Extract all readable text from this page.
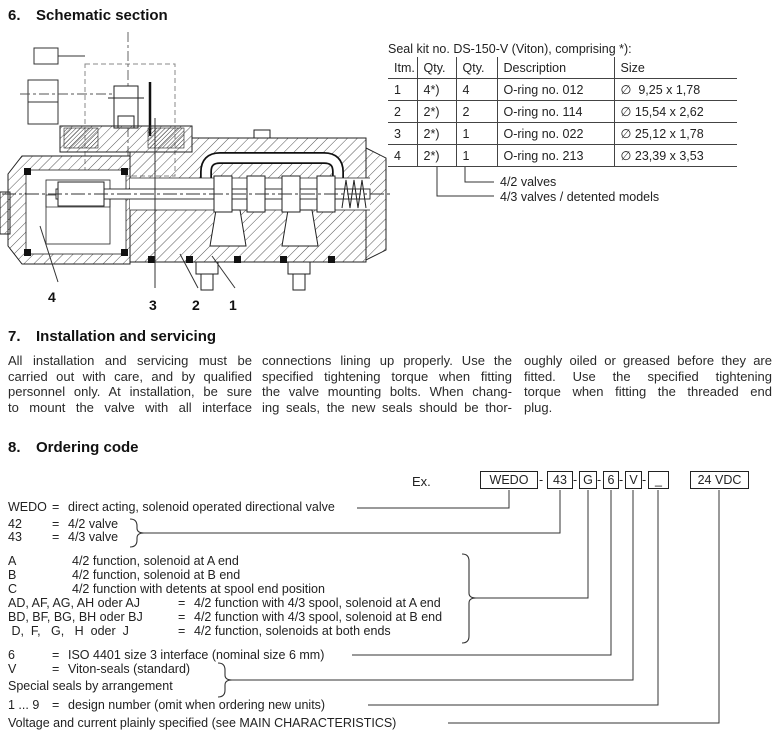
6.	Schematic section
4	3	2 1
Seal kit no. DS-150-V (Viton), comprising *):
Itm.	Qty.	Qty.	Description	Size
1	4*)	4	O-ring no. 012	∅  9,25 x 1,78
2	2*)	2	O-ring no. 114	∅ 15,54 x 2,62
3	2*)	1	O-ring no. 022	∅ 25,12 x 1,78
4	2*)	1	O-ring no. 213	∅ 23,39 x 3,53
4/2 valves
4/3 valves / detented models
7.	Installation and servicing
All installation and servicing must be
carried out with care, and by qualified
personnel only. At installation, be sure
to mount the valve with all interface
connections lining up properly. Use the
specified tightening torque when fitting
the valve mounting bolts. When chang-
ing seals, the new seals should be thor-
oughly oiled or greased before they are
fitted. Use the specified tightening
torque when fitting the threaded end
plug.
8.	Ordering code
Ex.	WEDO - 43 - G - 6 - V - _	24 VDC
WEDO = direct acting, solenoid operated directional valve
42	= 4/2 valve
43	= 4/3 valve
A	4/2 function, solenoid at A end
B	4/2 function, solenoid at B end
C	4/2 function with detents at spool end position
AD, AF, AG, AH oder AJ	= 4/2 function with 4/3 spool, solenoid at A end
BD, BF, BG, BH oder BJ	= 4/2 function with 4/3 spool, solenoid at B end
D,  F,   G,   H  oder  J	= 4/2 function, solenoids at both ends
6	= ISO 4401 size 3 interface (nominal size 6 mm)
V	= Viton-seals (standard)
Special seals by arrangement
1 ... 9	= design number (omit when ordering new units)
Voltage and current plainly specified (see MAIN CHARACTERISTICS)
